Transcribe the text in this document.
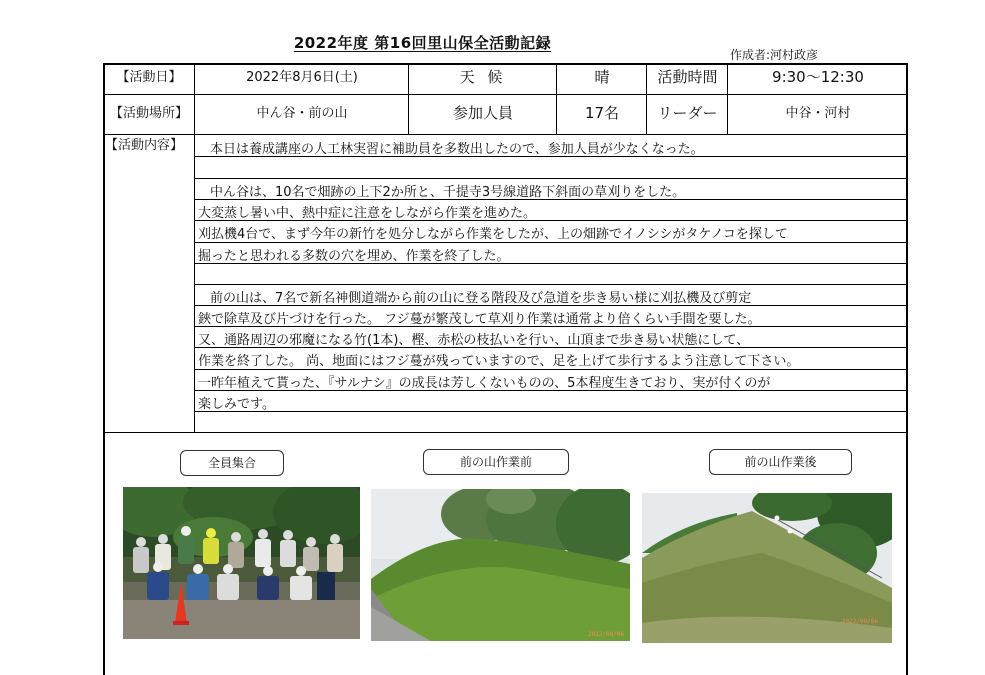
2022年度 第16回里山保全活動記録
作成者:河村政彦
【活動日】	2022年8月6日(土)	天 候	晴	活動時間	9:30〜12:30
【活動場所】	中ん谷・前の山	参加人員	17名	リーダー	中谷・河村
【活動内容】 本日は養成講座の人工林実習に補助員を多数出したので、参加人員が少なくなった。
中ん谷は、10名で畑跡の上下2か所と、千提寺3号線道路下斜面の草刈りをした。
大変蒸し暑い中、熱中症に注意をしながら作業を進めた。
刈払機4台で、まず今年の新竹を処分しながら作業をしたが、上の畑跡でイノシシがタケノコを探して
掘ったと思われる多数の穴を埋め、作業を終了した。
前の山は、7名で新名神側道端から前の山に登る階段及び急道を歩き易い様に刈払機及び剪定
鋏で除草及び片づけを行った。 フジ蔓が繁茂して草刈り作業は通常より倍くらい手間を要した。
又、通路周辺の邪魔になる竹(1本)、樫、赤松の枝払いを行い、山頂まで歩き易い状態にして、
作業を終了した。 尚、地面にはフジ蔓が残っていますので、足を上げて歩行するよう注意して下さい。
一昨年植えて貰った、『サルナシ』の成長は芳しくないものの、5本程度生きており、実が付くのが
楽しみです。
全員集合	前の山作業前	前の山作業後
2022/08/06
2022/08/06
